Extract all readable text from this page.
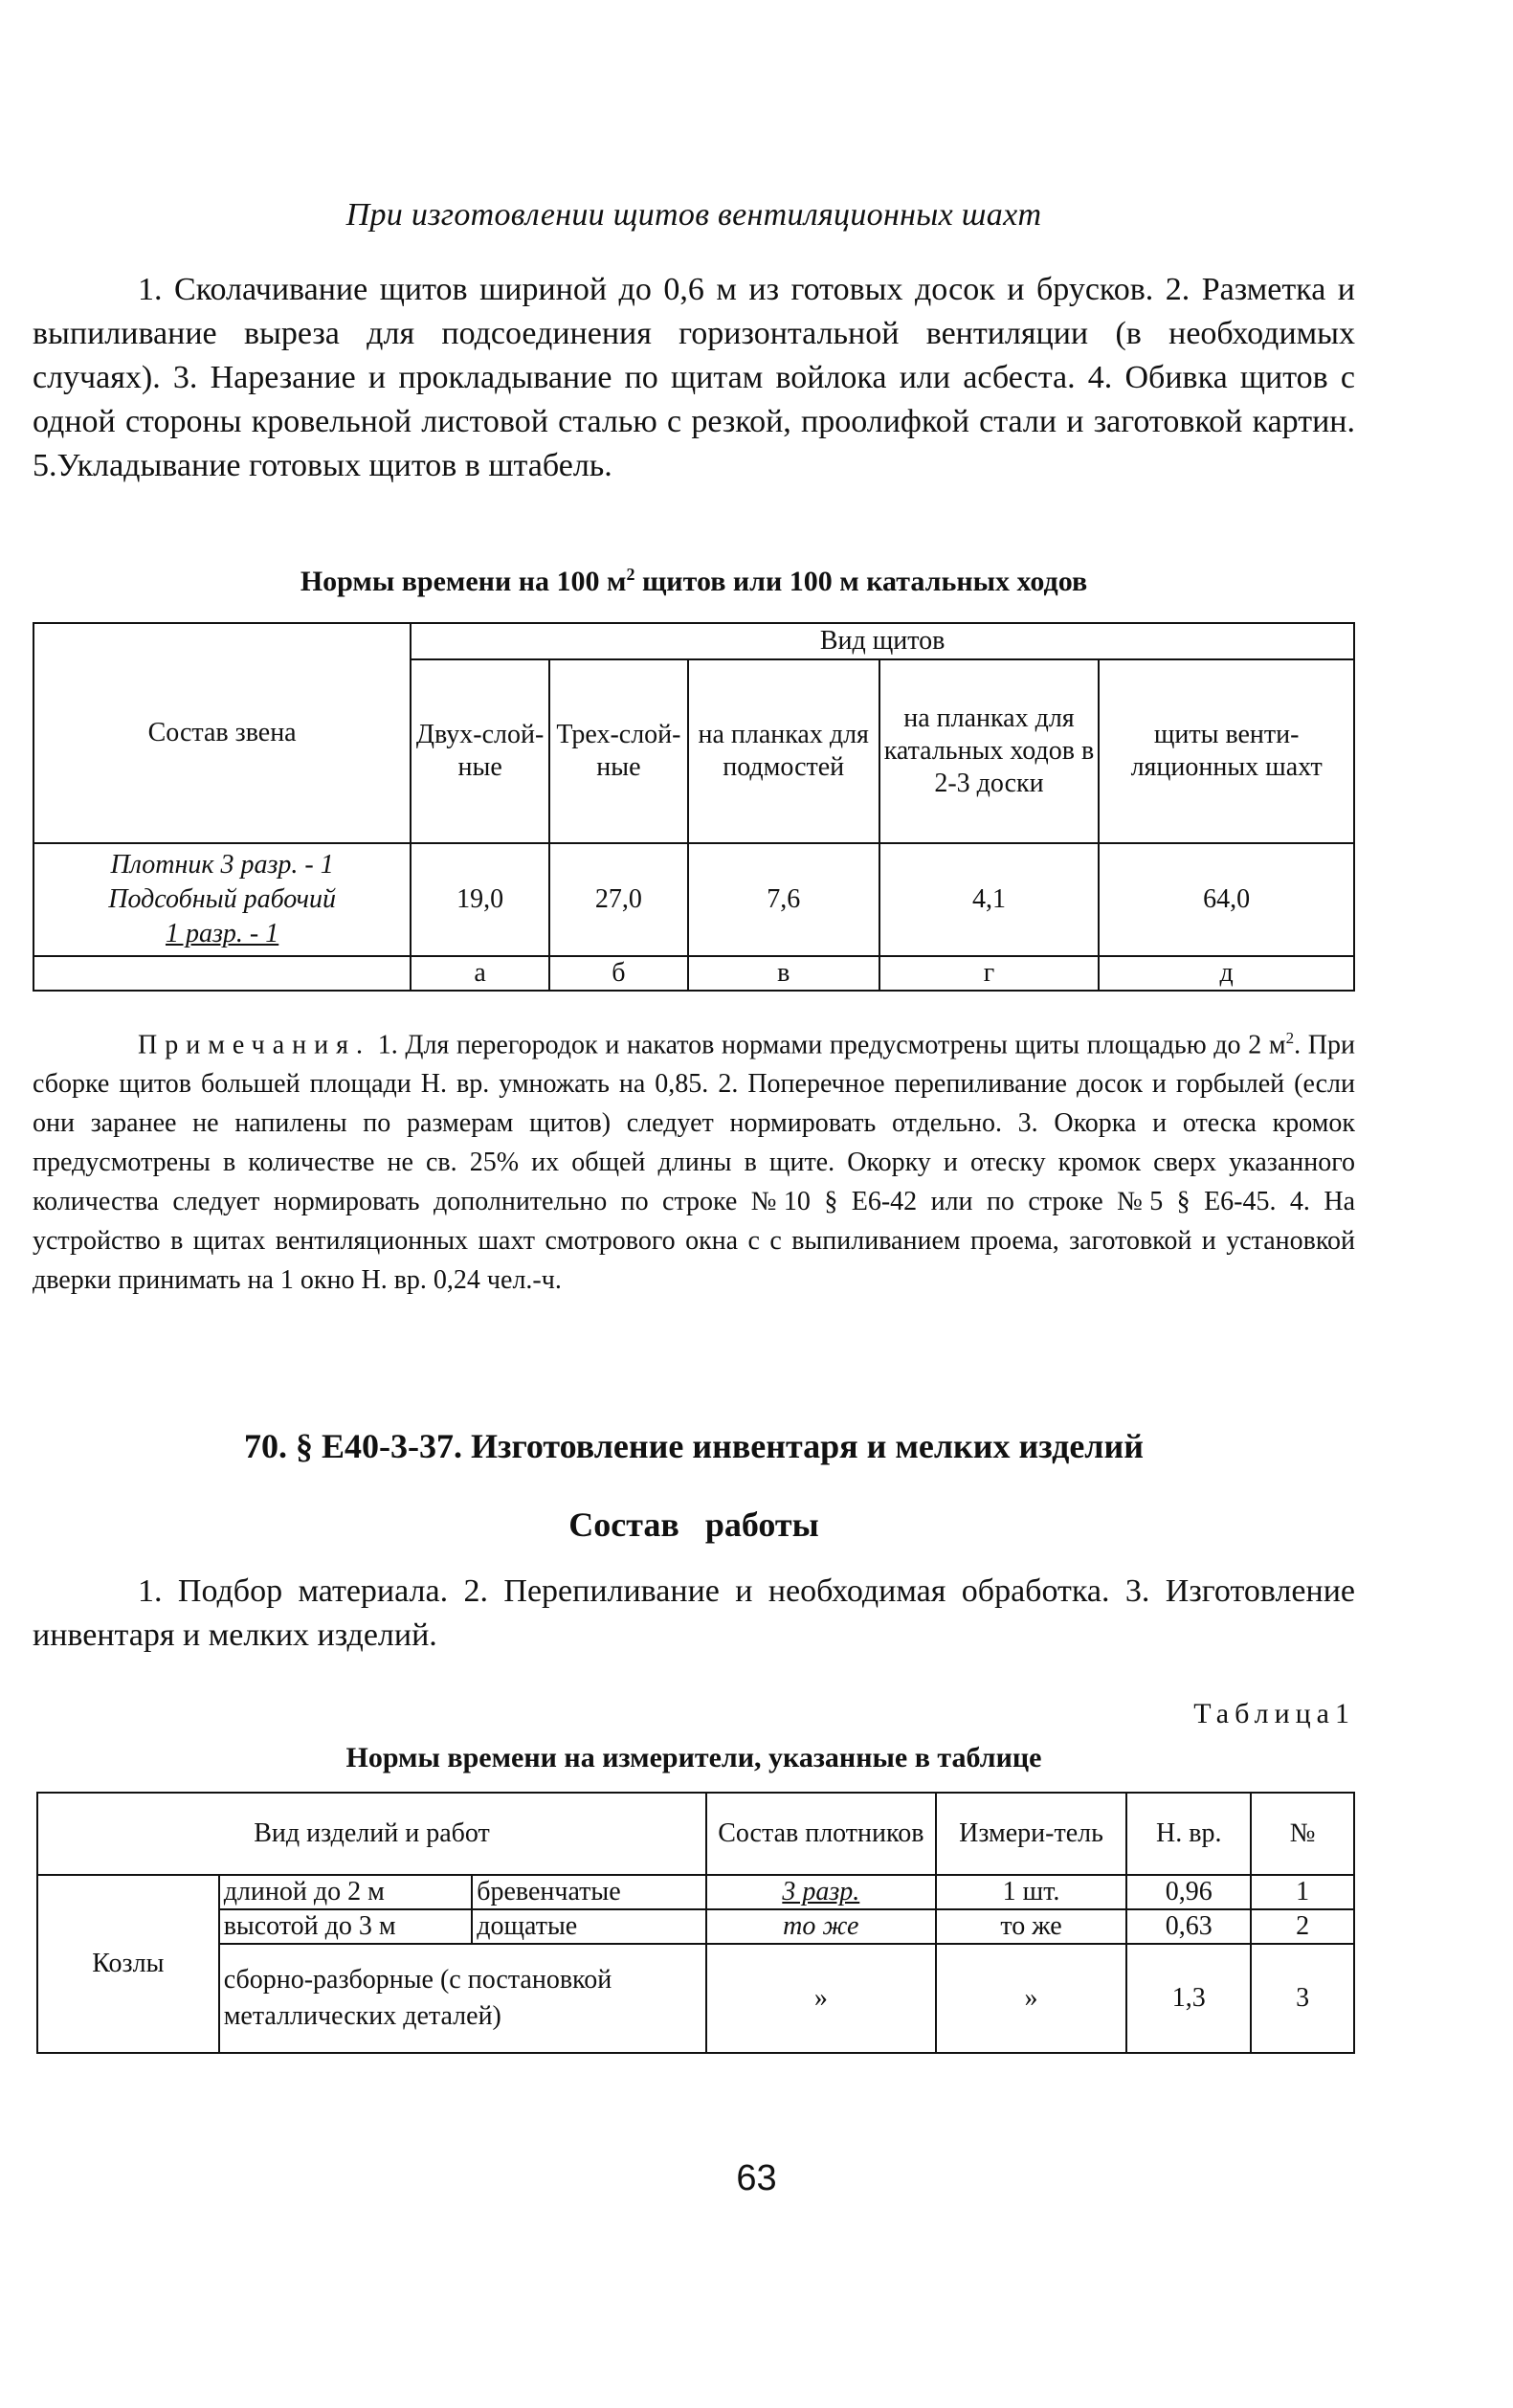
При изготовлении щитов вентиляционных шахт
1. Сколачивание щитов шириной до 0,6 м из готовых досок и брусков. 2. Разметка и выпиливание выреза для подсоединения горизонтальной вентиляции (в необходимых случаях). 3. Нарезание и прокладывание по щитам войлока или асбеста. 4. Обивка щитов с одной стороны кровельной листовой сталью с резкой, проолифкой стали и заготовкой картин. 5.Укладывание готовых щитов в штабель.
Нормы времени на 100 $м^2$ щитов или 100 м катальных ходов
Состав звена	Вид щитов				
	Двух-слой-ные	Трех-слой-ные	на планках для подмостей	на планках для катальных ходов в 2-3 доски	щиты венти-ляционных шахт

Плотник 3 разр. - 1
Подсобный рабочий
1 разр. - 1	19,0	27,0	7,6	4,1	64,0
	а	б	в	г	д
Примечания. 1. Для перегородок и накатов нормами предусмотрены щиты площадью до 2 $м^2$. При сборке щитов большей площади Н. вр. умножать на 0,85. 2. Поперечное перепиливание досок и горбылей (если они заранее не напилены по размерам щитов) следует нормировать отдельно. 3. Окорка и отеска кромок предусмотрены в количестве не св. 25% их общей длины в щите. Окорку и отеску кромок сверх указанного количества следует нормировать дополнительно по строке №10 § Е6-42 или по строке №5 § Е6-45. 4. На устройство в щитах вентиляционных шахт смотрового окна с с выпиливанием проема, заготовкой и установкой дверки принимать на 1 окно Н. вр. 0,24 чел.-ч.
70. § Е40-3-37. Изготовление инвентаря и мелких изделий
Состав работы
1. Подбор материала. 2. Перепиливание и необходимая обработка. 3. Изготовление инвентаря и мелких изделий.
Таблица1
Нормы времени на измерители, указанные в таблице
Вид изделий и работ			Состав плотников	Измери-тель	Н. вр.	№
Козлы	длиной до 2 м	бревенчатые	3 разр.	1 шт.	0,96	1
	высотой до 3 м	дощатые	то же	то же	0,63	2
	сборно-разборные (с постановкой металлических деталей)		»	»	1,3	3
63
